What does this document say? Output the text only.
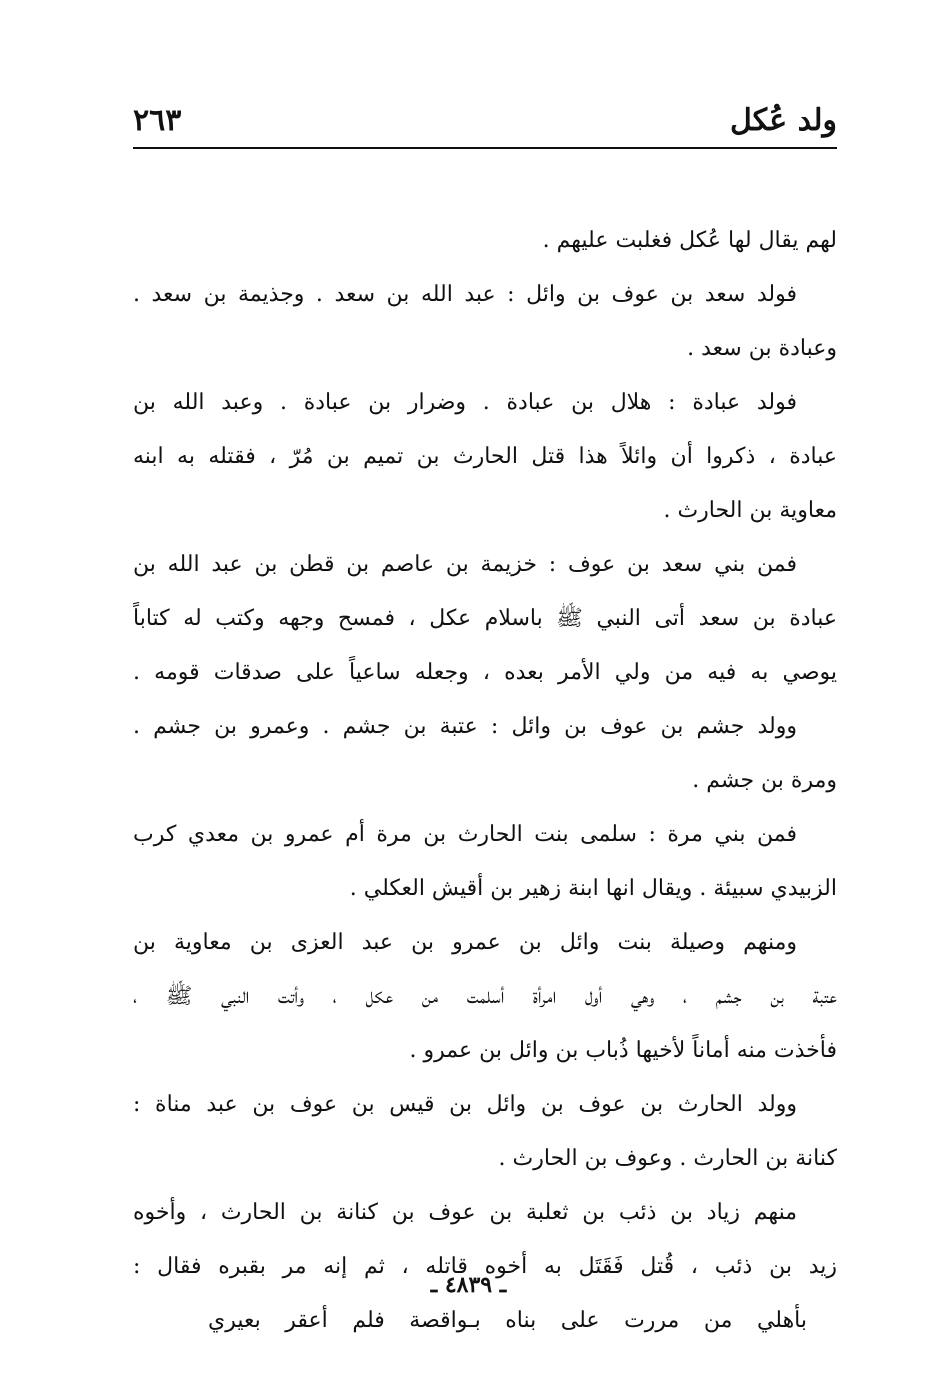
ولد عُكل
٢٦٣
لهم يقال لها عُكل فغلبت عليهم .
فولد سعد بن عوف بن وائل : عبد الله بن سعد . وجذيمة بن سعد .
وعبادة بن سعد .
فولد عبادة : هلال بن عبادة . وضرار بن عبادة . وعبد الله بن
عبادة ، ذكروا أن وائلاً هذا قتل الحارث بن تميم بن مُرّ ، فقتله به ابنه
معاوية بن الحارث .
فمن بني سعد بن عوف : خزيمة بن عاصم بن قطن بن عبد الله بن
عبادة بن سعد أتى النبي ﷺ باسلام عكل ، فمسح وجهه وكتب له كتاباً
يوصي به فيه من ولي الأمر بعده ، وجعله ساعياً على صدقات قومه .
وولد جشم بن عوف بن وائل : عتبة بن جشم . وعمرو بن جشم .
ومرة بن جشم .
فمن بني مرة : سلمى بنت الحارث بن مرة أم عمرو بن معدي كرب
الزبيدي سبيئة . ويقال انها ابنة زهير بن أقيش العكلي .
ومنهم وصيلة بنت وائل بن عمرو بن عبد العزى بن معاوية بن
عتبة بن جشم ، وهي أول امرأة أسلمت من عكل ، وأتت النبي ﷺ ،
فأخذت منه أماناً لأخيها ذُباب بن وائل بن عمرو .
وولد الحارث بن عوف بن وائل بن قيس بن عوف بن عبد مناة :
كنانة بن الحارث . وعوف بن الحارث .
منهم زياد بن ذئب بن ثعلبة بن عوف بن كنانة بن الحارث ، وأخوه
زيد بن ذئب ، قُتل فَقَتَل به أخوه قاتله ، ثم إنه مر بقبره فقال :
بأهلي من مررت على بناه بـواقصة فلم أعقر بعيري
ـ ٤٨٣٩ ـ
